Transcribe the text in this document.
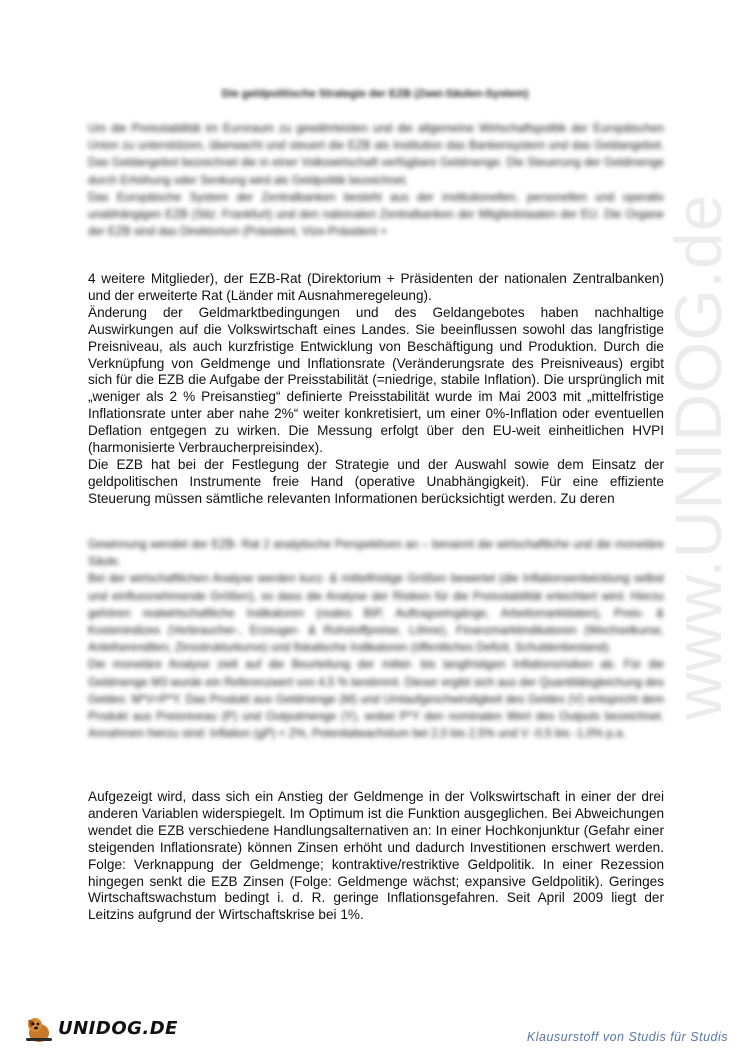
Die geldpolitische Strategie der EZB (Zwei-Säulen-System)

Um die Preisstabilität im Euroraum zu gewährleisten und die allgemeine Wirtschaftspolitik der Europäischen Union zu unterstützen, überwacht und steuert die EZB als Institution das Bankensystem und das Geldangebot. Das Geldangebot bezeichnet die in einer Volkswirtschaft verfügbare Geldmenge. Die Steuerung der Geldmenge durch Erhöhung oder Senkung wird als Geldpolitik bezeichnet.

Das Europäische System der Zentralbanken besteht aus der institutionellen, personellen und operativ unabhängigen EZB (Sitz: Frankfurt) und den nationalen Zentralbanken der Mitgliedstaaten der EU. Die Organe der EZB sind das Direktorium (Präsident, Vize-Präsident +

4 weitere Mitglieder), der EZB-Rat (Direktorium + Präsidenten der nationalen Zentralbanken) und der erweiterte Rat (Länder mit Ausnahmeregeleung).

Änderung der Geldmarktbedingungen und des Geldangebotes haben nachhaltige Auswirkungen auf die Volkswirtschaft eines Landes. Sie beeinflussen sowohl das langfristige Preisniveau, als auch kurzfristige Entwicklung von Beschäftigung und Produktion. Durch die Verknüpfung von Geldmenge und Inflationsrate (Veränderungsrate des Preisniveaus) ergibt sich für die EZB die Aufgabe der Preisstabilität (=niedrige, stabile Inflation). Die ursprünglich mit „weniger als 2 % Preisanstieg“ definierte Preisstabilität wurde im Mai 2003 mit „mittelfristige Inflationsrate unter aber nahe 2%“ weiter konkretisiert, um einer 0%-Inflation oder eventuellen Deflation entgegen zu wirken. Die Messung erfolgt über den EU-weit einheitlichen HVPI (harmonisierte Verbraucherpreisindex).

Die EZB hat bei der Festlegung der Strategie und der Auswahl sowie dem Einsatz der geldpolitischen Instrumente freie Hand (operative Unabhängigkeit). Für eine effiziente Steuerung müssen sämtliche relevanten Informationen berücksichtigt werden. Zu deren

Gewinnung wendet der EZB- Rat 2 analytische Perspektiven an – benannt die wirtschaftliche und die monetäre Säule.

Bei der wirtschaftlichen Analyse werden kurz- & mittelfristige Größen bewertet (die Inflationsentwicklung selbst und einflussnehmende Größen), so dass die Analyse der Risiken für die Preisstabilität erleichtert wird. Hierzu gehören realwirtschaftliche Indikatoren (reales BIP, Auftragseingänge, Arbeitsmarktdaten), Preis- & Kostenindizes (Verbraucher-, Erzeuger- & Rohstoffpreise, Löhne), Finanzmarktindikatoren (Wechselkurse, Anleiherenditen, Zinsstrukturkurve) und fiskalische Indikatoren (öffentliches Defizit, Schuldenbestand).

Die monetäre Analyse zielt auf die Beurteilung der mittel- bis langfristigen Inflationsrisiken ab. Für die Geldmenge M3 wurde ein Referenzwert von 4,5 % bestimmt. Dieser ergibt sich aus der Quantitätsgleichung des Geldes: M*V=P*Y. Das Produkt aus Geldmenge (M) und Umlaufgeschwindigkeit des Geldes (V) entspricht dem Produkt aus Preisniveau (P) und Outputmenge (Y), wobei P*Y den nominalen Wert des Outputs bezeichnet. Annahmen hierzu sind: Inflation (gP) < 2%, Potentialwachstum bei 2,0 bis 2,5% und V -0,5 bis -1,0% p.a.

Aufgezeigt wird, dass sich ein Anstieg der Geldmenge in der Volkswirtschaft in einer der drei anderen Variablen widerspiegelt. Im Optimum ist die Funktion ausgeglichen. Bei Abweichungen wendet die EZB verschiedene Handlungsalternativen an: In einer Hochkonjunktur (Gefahr einer steigenden Inflationsrate) können Zinsen erhöht und dadurch Investitionen erschwert werden. Folge: Verknappung der Geldmenge; kontraktive/restriktive Geldpolitik. In einer Rezession hingegen senkt die EZB Zinsen (Folge: Geldmenge wächst; expansive Geldpolitik). Geringes Wirtschaftswachstum bedingt i. d. R. geringe Inflationsgefahren. Seit April 2009 liegt der Leitzins aufgrund der Wirtschaftskrise bei 1%.

www.UNIDOG.de
UNIDOG.DE	Klausurstoff von Studis für Studis
